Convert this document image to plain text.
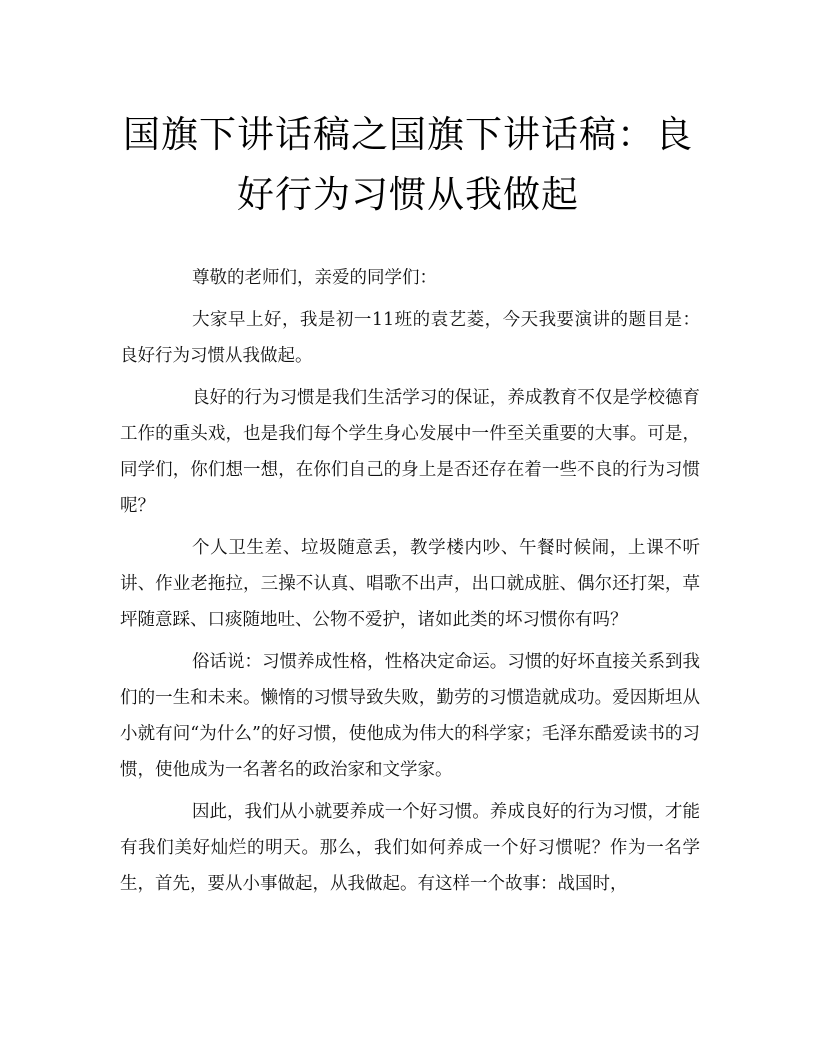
国旗下讲话稿之国旗下讲话稿：良好行为习惯从我做起

尊敬的老师们，亲爱的同学们：

大家早上好，我是初一11班的袁艺菱，今天我要演讲的题目是：良好行为习惯从我做起。

良好的行为习惯是我们生活学习的保证，养成教育不仅是学校德育工作的重头戏，也是我们每个学生身心发展中一件至关重要的大事。可是，同学们，你们想一想，在你们自己的身上是否还存在着一些不良的行为习惯呢？

个人卫生差、垃圾随意丢，教学楼内吵、午餐时候闹，上课不听讲、作业老拖拉，三操不认真、唱歌不出声，出口就成脏、偶尔还打架，草坪随意踩、口痰随地吐、公物不爱护，诸如此类的坏习惯你有吗？

俗话说：习惯养成性格，性格决定命运。习惯的好坏直接关系到我们的一生和未来。懒惰的习惯导致失败，勤劳的习惯造就成功。爱因斯坦从小就有问“为什么”的好习惯，使他成为伟大的科学家；毛泽东酷爱读书的习惯，使他成为一名著名的政治家和文学家。

因此，我们从小就要养成一个好习惯。养成良好的行为习惯，才能有我们美好灿烂的明天。那么，我们如何养成一个好习惯呢？作为一名学生，首先，要从小事做起，从我做起。有这样一个故事：战国时，
